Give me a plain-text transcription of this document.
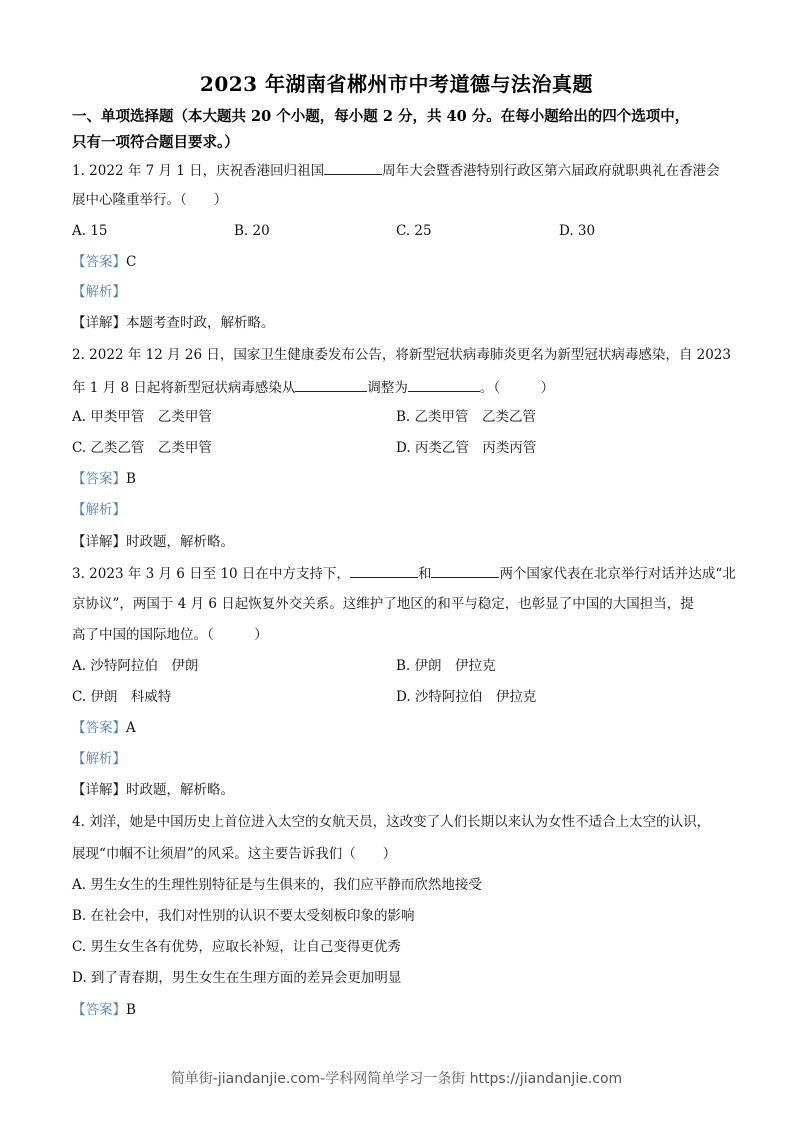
2023 年湖南省郴州市中考道德与法治真题
一、单项选择题（本大题共 20 个小题，每小题 2 分，共 40 分。在每小题给出的四个选项中，
只有一项符合题目要求。）
1. 2022 年 7 月 1 日，庆祝香港回归祖国	周年大会暨香港特别行政区第六届政府就职典礼在香港会
展中心隆重举行。（　　）
A. 15	B. 20	C. 25	D. 30
【答案】C
【解析】
【详解】本题考查时政，解析略。
2. 2022 年 12 月 26 日，国家卫生健康委发布公告，将新型冠状病毒肺炎更名为新型冠状病毒感染，自 2023
年 1 月 8 日起将新型冠状病毒感染从	调整为	。（　　　）
A. 甲类甲管　乙类甲管	B. 乙类甲管　乙类乙管
C. 乙类乙管　乙类甲管	D. 丙类乙管　丙类丙管
【答案】B
【解析】
【详解】时政题，解析略。
3. 2023 年 3 月 6 日至 10 日在中方支持下，	和	两个国家代表在北京举行对话并达成“北
京协议”，两国于 4 月 6 日起恢复外交关系。这维护了地区的和平与稳定，也彰显了中国的大国担当，提
高了中国的国际地位。（　　　）
A. 沙特阿拉伯　伊朗	B. 伊朗　伊拉克
C. 伊朗　科威特	D. 沙特阿拉伯　伊拉克
【答案】A
【解析】
【详解】时政题，解析略。
4. 刘洋，她是中国历史上首位进入太空的女航天员，这改变了人们长期以来认为女性不适合上太空的认识，
展现“巾帼不让须眉”的风采。这主要告诉我们（　　）
A. 男生女生的生理性别特征是与生俱来的，我们应平静而欣然地接受
B. 在社会中，我们对性别的认识不要太受刻板印象的影响
C. 男生女生各有优势，应取长补短，让自己变得更优秀
D. 到了青春期，男生女生在生理方面的差异会更加明显
【答案】B
简单街-jiandanjie.com-学科网简单学习一条街 https://jiandanjie.com
